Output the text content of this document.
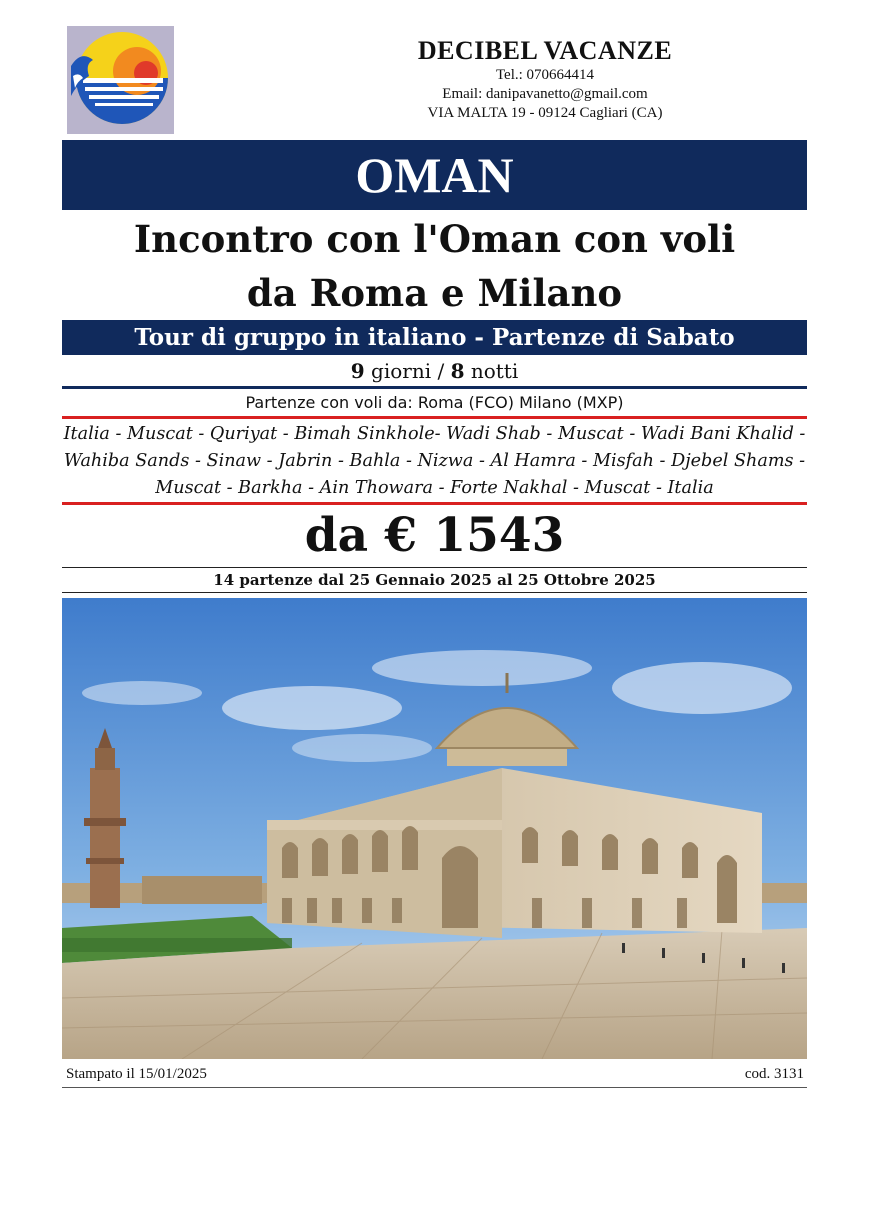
DECIBEL VACANZE
Tel.: 070664414
Email: danipavanetto@gmail.com
VIA MALTA 19 - 09124 Cagliari (CA)
OMAN
Incontro con l'Oman con voli
da Roma e Milano
Tour di gruppo in italiano - Partenze di Sabato
9 giorni / 8 notti
Partenze con voli da: Roma (FCO) Milano (MXP)
Italia - Muscat - Quriyat - Bimah Sinkhole- Wadi Shab - Muscat - Wadi Bani Khalid - Wahiba Sands - Sinaw - Jabrin - Bahla - Nizwa - Al Hamra - Misfah - Djebel Shams - Muscat - Barkha - Ain Thowara - Forte Nakhal - Muscat - Italia
da € 1543
14 partenze dal 25 Gennaio 2025 al 25 Ottobre 2025
Stampato il 15/01/2025	cod. 3131
